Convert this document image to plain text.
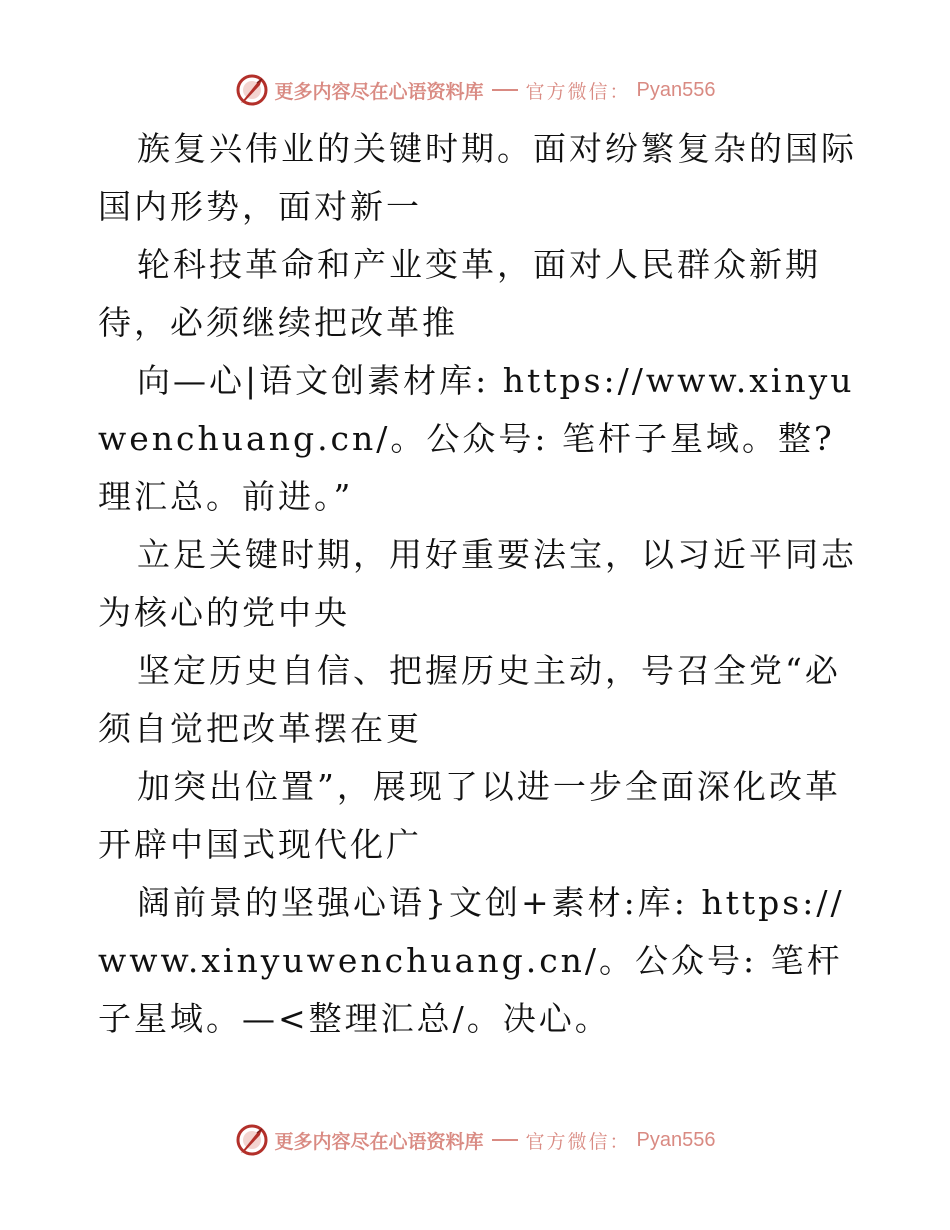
更多内容尽在心语资料库 官方微信： Pyan556

族复兴伟业的关键时期。面对纷繁复杂的国际国内形势，面对新一

轮科技革命和产业变革，面对人民群众新期待，必须继续把改革推

向—心|语文创素材库: https://www.xinyuwenchuang.cn/。公众号: 笔杆子星域。整?理汇总。前进。”

立足关键时期，用好重要法宝，以习近平同志为核心的党中央

坚定历史自信、把握历史主动，号召全党“必须自觉把改革摆在更

加突出位置”，展现了以进一步全面深化改革开辟中国式现代化广

阔前景的坚强心语}文创+素材:库: https://www.xinyuwenchuang.cn/。公众号: 笔杆子星域。—<整理汇总/。决心。

更多内容尽在心语资料库 官方微信： Pyan556
